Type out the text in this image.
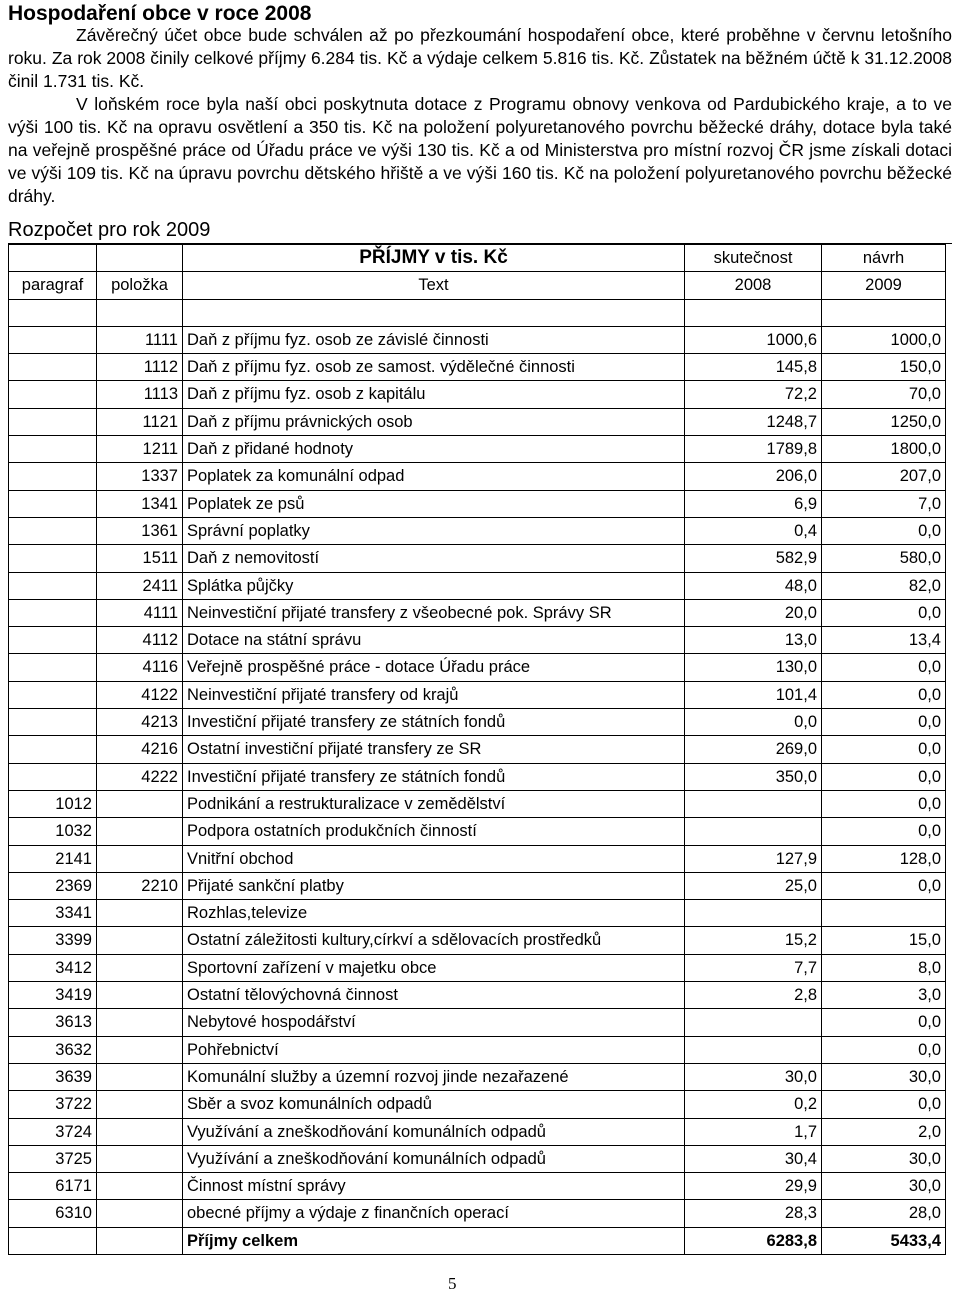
Hospodaření obce v roce 2008
Závěrečný účet obce bude schválen až po přezkoumání hospodaření obce, které proběhne v červnu letošního roku. Za rok 2008 činily celkové příjmy 6.284 tis. Kč a výdaje celkem 5.816 tis. Kč. Zůstatek na běžném účtě k 31.12.2008 činil 1.731 tis. Kč.
V loňském roce byla naší obci poskytnuta dotace z Programu obnovy venkova od Pardubického kraje, a to ve výši 100 tis. Kč na opravu osvětlení a 350 tis. Kč na položení polyuretanového povrchu běžecké dráhy, dotace byla také na veřejně prospěšné práce od Úřadu práce ve výši 130 tis. Kč a od Ministerstva pro místní rozvoj ČR jsme získali dotaci ve výši 109 tis. Kč na úpravu povrchu dětského hřiště a ve výši 160 tis. Kč na položení polyuretanového povrchu běžecké dráhy.
Rozpočet pro rok 2009
		PŘÍJMY v tis. Kč	skutečnost	návrh
paragraf	položka	Text	2008	2009

	1111	Daň z příjmu fyz. osob ze závislé činnosti	1000,6	1000,0
	1112	Daň z příjmu fyz. osob ze samost. výdělečné činnosti	145,8	150,0
	1113	Daň z příjmu fyz. osob z kapitálu	72,2	70,0
	1121	Daň z příjmu právnických osob	1248,7	1250,0
	1211	Daň z přidané hodnoty	1789,8	1800,0
	1337	Poplatek za komunální odpad	206,0	207,0
	1341	Poplatek ze psů	6,9	7,0
	1361	Správní poplatky	0,4	0,0
	1511	Daň z nemovitostí	582,9	580,0
	2411	Splátka půjčky	48,0	82,0
	4111	Neinvestiční přijaté transfery z všeobecné pok. Správy SR	20,0	0,0
	4112	Dotace na státní správu	13,0	13,4
	4116	Veřejně prospěšné práce - dotace Úřadu práce	130,0	0,0
	4122	Neinvestiční přijaté transfery od krajů	101,4	0,0
	4213	Investiční přijaté transfery ze státních fondů	0,0	0,0
	4216	Ostatní investiční přijaté transfery ze SR	269,0	0,0
	4222	Investiční přijaté transfery ze státních fondů	350,0	0,0
1012		Podnikání a restrukturalizace v zemědělství		0,0
1032		Podpora ostatních produkčních činností		0,0
2141		Vnitřní obchod	127,9	128,0
2369	2210	Přijaté sankční platby	25,0	0,0
3341		Rozhlas,televize		
3399		Ostatní záležitosti kultury,církví a sdělovacích prostředků	15,2	15,0
3412		Sportovní zařízení v majetku obce	7,7	8,0
3419		Ostatní tělovýchovná činnost	2,8	3,0
3613		Nebytové hospodářství		0,0
3632		Pohřebnictví		0,0
3639		Komunální služby a územní rozvoj jinde nezařazené	30,0	30,0
3722		Sběr a svoz komunálních odpadů	0,2	0,0
3724		Využívání a zneškodňování komunálních odpadů	1,7	2,0
3725		Využívání a zneškodňování komunálních odpadů	30,4	30,0
6171		Činnost místní správy	29,9	30,0
6310		obecné příjmy a výdaje z finančních operací	28,3	28,0
		Příjmy celkem	6283,8	5433,4
5
